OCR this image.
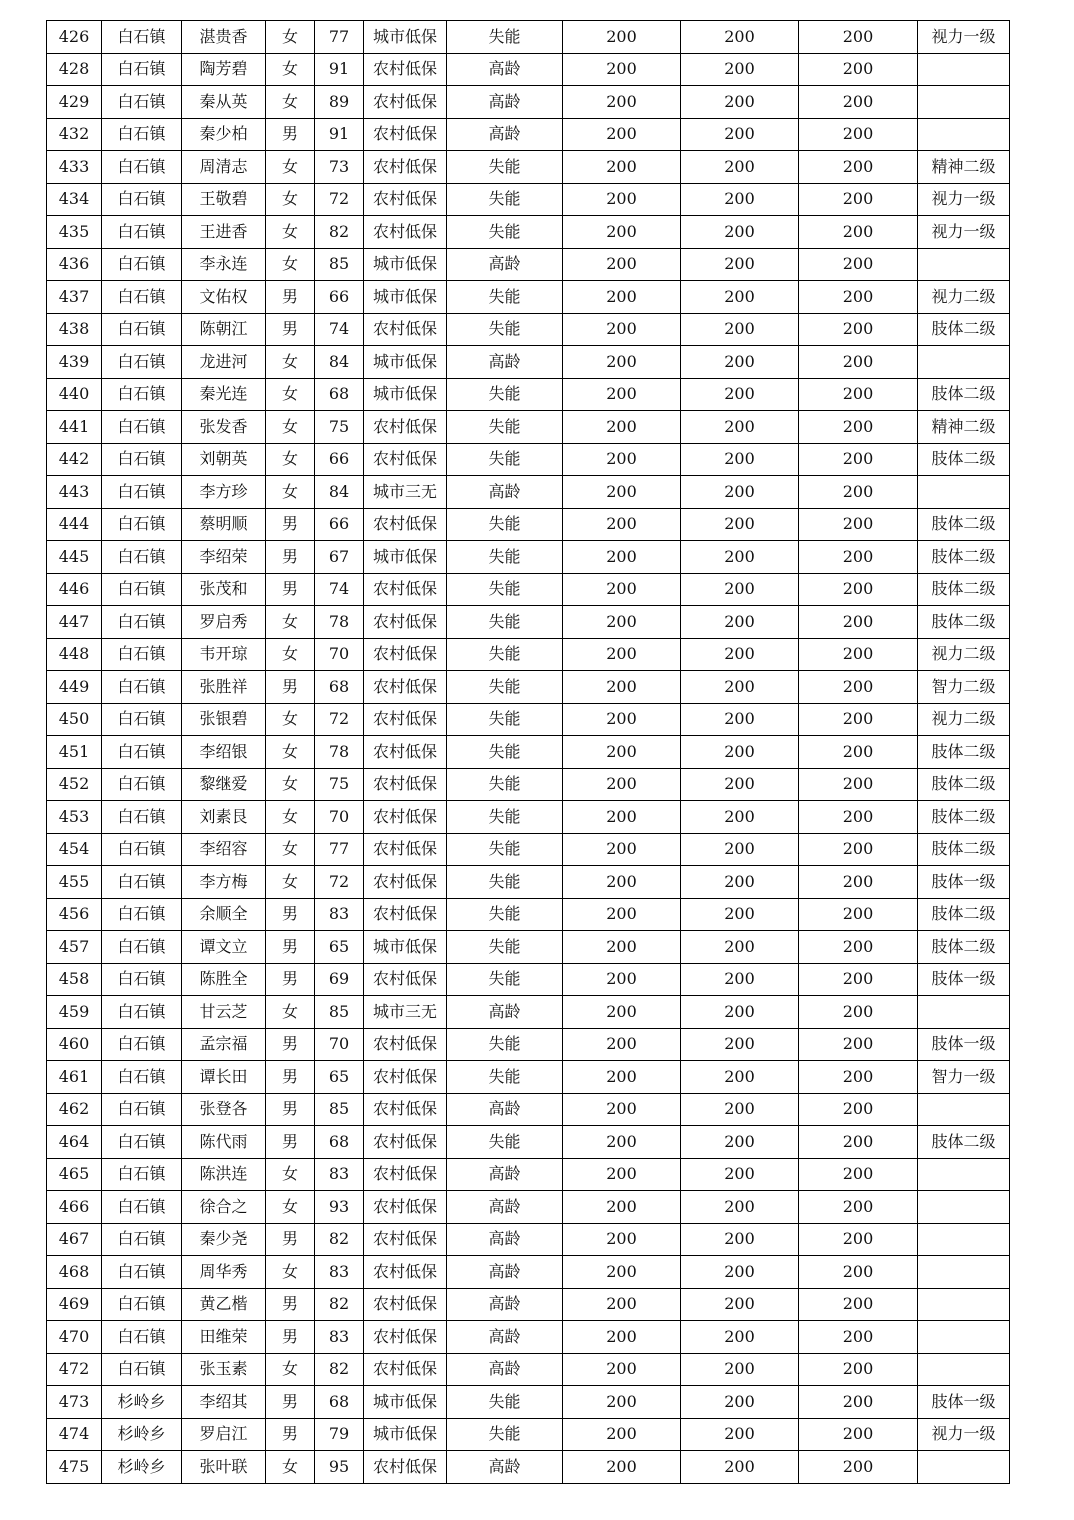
426	白石镇	湛贵香	女	77	城市低保	失能	200	200	200	视力一级
428	白石镇	陶芳碧	女	91	农村低保	高龄	200	200	200	
429	白石镇	秦从英	女	89	农村低保	高龄	200	200	200	
432	白石镇	秦少柏	男	91	农村低保	高龄	200	200	200	
433	白石镇	周清志	女	73	农村低保	失能	200	200	200	精神二级
434	白石镇	王敬碧	女	72	农村低保	失能	200	200	200	视力一级
435	白石镇	王进香	女	82	农村低保	失能	200	200	200	视力一级
436	白石镇	李永连	女	85	城市低保	高龄	200	200	200	
437	白石镇	文佑权	男	66	城市低保	失能	200	200	200	视力二级
438	白石镇	陈朝江	男	74	农村低保	失能	200	200	200	肢体二级
439	白石镇	龙进河	女	84	城市低保	高龄	200	200	200	
440	白石镇	秦光连	女	68	城市低保	失能	200	200	200	肢体二级
441	白石镇	张发香	女	75	农村低保	失能	200	200	200	精神二级
442	白石镇	刘朝英	女	66	农村低保	失能	200	200	200	肢体二级
443	白石镇	李方珍	女	84	城市三无	高龄	200	200	200	
444	白石镇	蔡明顺	男	66	农村低保	失能	200	200	200	肢体二级
445	白石镇	李绍荣	男	67	城市低保	失能	200	200	200	肢体二级
446	白石镇	张茂和	男	74	农村低保	失能	200	200	200	肢体二级
447	白石镇	罗启秀	女	78	农村低保	失能	200	200	200	肢体二级
448	白石镇	韦开琼	女	70	农村低保	失能	200	200	200	视力二级
449	白石镇	张胜祥	男	68	农村低保	失能	200	200	200	智力二级
450	白石镇	张银碧	女	72	农村低保	失能	200	200	200	视力二级
451	白石镇	李绍银	女	78	农村低保	失能	200	200	200	肢体二级
452	白石镇	黎继爱	女	75	农村低保	失能	200	200	200	肢体二级
453	白石镇	刘素艮	女	70	农村低保	失能	200	200	200	肢体二级
454	白石镇	李绍容	女	77	农村低保	失能	200	200	200	肢体二级
455	白石镇	李方梅	女	72	农村低保	失能	200	200	200	肢体一级
456	白石镇	余顺全	男	83	农村低保	失能	200	200	200	肢体二级
457	白石镇	谭文立	男	65	城市低保	失能	200	200	200	肢体二级
458	白石镇	陈胜全	男	69	农村低保	失能	200	200	200	肢体一级
459	白石镇	甘云芝	女	85	城市三无	高龄	200	200	200	
460	白石镇	孟宗福	男	70	农村低保	失能	200	200	200	肢体一级
461	白石镇	谭长田	男	65	农村低保	失能	200	200	200	智力一级
462	白石镇	张登各	男	85	农村低保	高龄	200	200	200	
464	白石镇	陈代雨	男	68	农村低保	失能	200	200	200	肢体二级
465	白石镇	陈洪连	女	83	农村低保	高龄	200	200	200	
466	白石镇	徐合之	女	93	农村低保	高龄	200	200	200	
467	白石镇	秦少尧	男	82	农村低保	高龄	200	200	200	
468	白石镇	周华秀	女	83	农村低保	高龄	200	200	200	
469	白石镇	黄乙楷	男	82	农村低保	高龄	200	200	200	
470	白石镇	田维荣	男	83	农村低保	高龄	200	200	200	
472	白石镇	张玉素	女	82	农村低保	高龄	200	200	200	
473	杉岭乡	李绍其	男	68	城市低保	失能	200	200	200	肢体一级
474	杉岭乡	罗启江	男	79	城市低保	失能	200	200	200	视力一级
475	杉岭乡	张叶联	女	95	农村低保	高龄	200	200	200	
